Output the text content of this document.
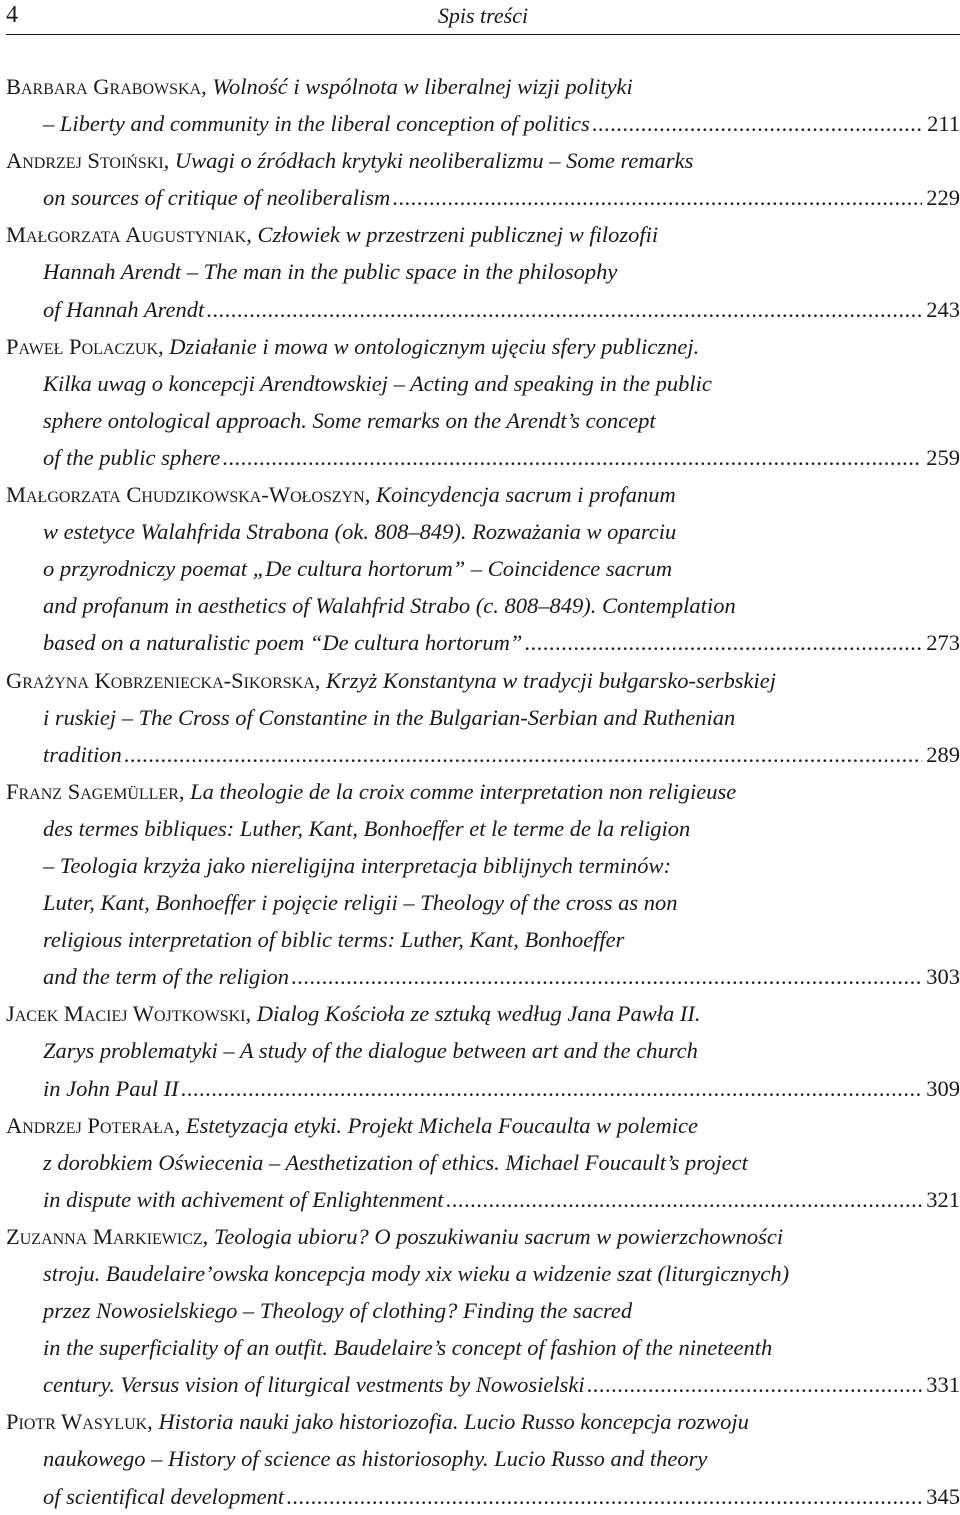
4	Spis treści
Barbara Grabowska, Wolność i wspólnota w liberalnej wizji polityki
– Liberty and community in the liberal conception of politics .....	211
Andrzej Stoiński, Uwagi o źródłach krytyki neoliberalizmu – Some remarks
on sources of critique of neoliberalism .....	229
Małgorzata Augustyniak, Człowiek w przestrzeni publicznej w filozofii
Hannah Arendt – The man in the public space in the philosophy
of Hannah Arendt .....	243
Paweł Polaczuk, Działanie i mowa w ontologicznym ujęciu sfery publicznej.
Kilka uwag o koncepcji Arendtowskiej – Acting and speaking in the public
sphere ontological approach. Some remarks on the Arendt’s concept
of the public sphere .....	259
Małgorzata Chudzikowska-Wołoszyn, Koincydencja sacrum i profanum
w estetyce Walahfrida Strabona (ok. 808–849). Rozważania w oparciu
o przyrodniczy poemat „De cultura hortorum” – Coincidence sacrum
and profanum in aesthetics of Walahfrid Strabo (c. 808–849). Contemplation
based on a naturalistic poem “De cultura hortorum” .....	273
Grażyna Kobrzeniecka-Sikorska, Krzyż Konstantyna w tradycji bułgarsko-serbskiej
i ruskiej – The Cross of Constantine in the Bulgarian-Serbian and Ruthenian
tradition .....	289
Franz Sagemüller, La theologie de la croix comme interpretation non religieuse
des termes bibliques: Luther, Kant, Bonhoeffer et le terme de la religion
– Teologia krzyża jako niereligijna interpretacja biblijnych terminów:
Luter, Kant, Bonhoeffer i pojęcie religii – Theology of the cross as non
religious interpretation of biblic terms: Luther, Kant, Bonhoeffer
and the term of the religion .....	303
Jacek Maciej Wojtkowski, Dialog Kościoła ze sztuką według Jana Pawła II.
Zarys problematyki – A study of the dialogue between art and the church
in John Paul II .....	309
Andrzej Poterała, Estetyzacja etyki. Projekt Michela Foucaulta w polemice
z dorobkiem Oświecenia – Aesthetization of ethics. Michael Foucault’s project
in dispute with achivement of Enlightenment .....	321
Zuzanna Markiewicz, Teologia ubioru? O poszukiwaniu sacrum w powierzchowności
stroju. Baudelaire’owska koncepcja mody xix wieku a widzenie szat (liturgicznych)
przez Nowosielskiego – Theology of clothing? Finding the sacred
in the superficiality of an outfit. Baudelaire’s concept of fashion of the nineteenth
century. Versus vision of liturgical vestments by Nowosielski .....	331
Piotr Wasyluk, Historia nauki jako historiozofia. Lucio Russo koncepcja rozwoju
naukowego – History of science as historiosophy. Lucio Russo and theory
of scientifical development .....	345
